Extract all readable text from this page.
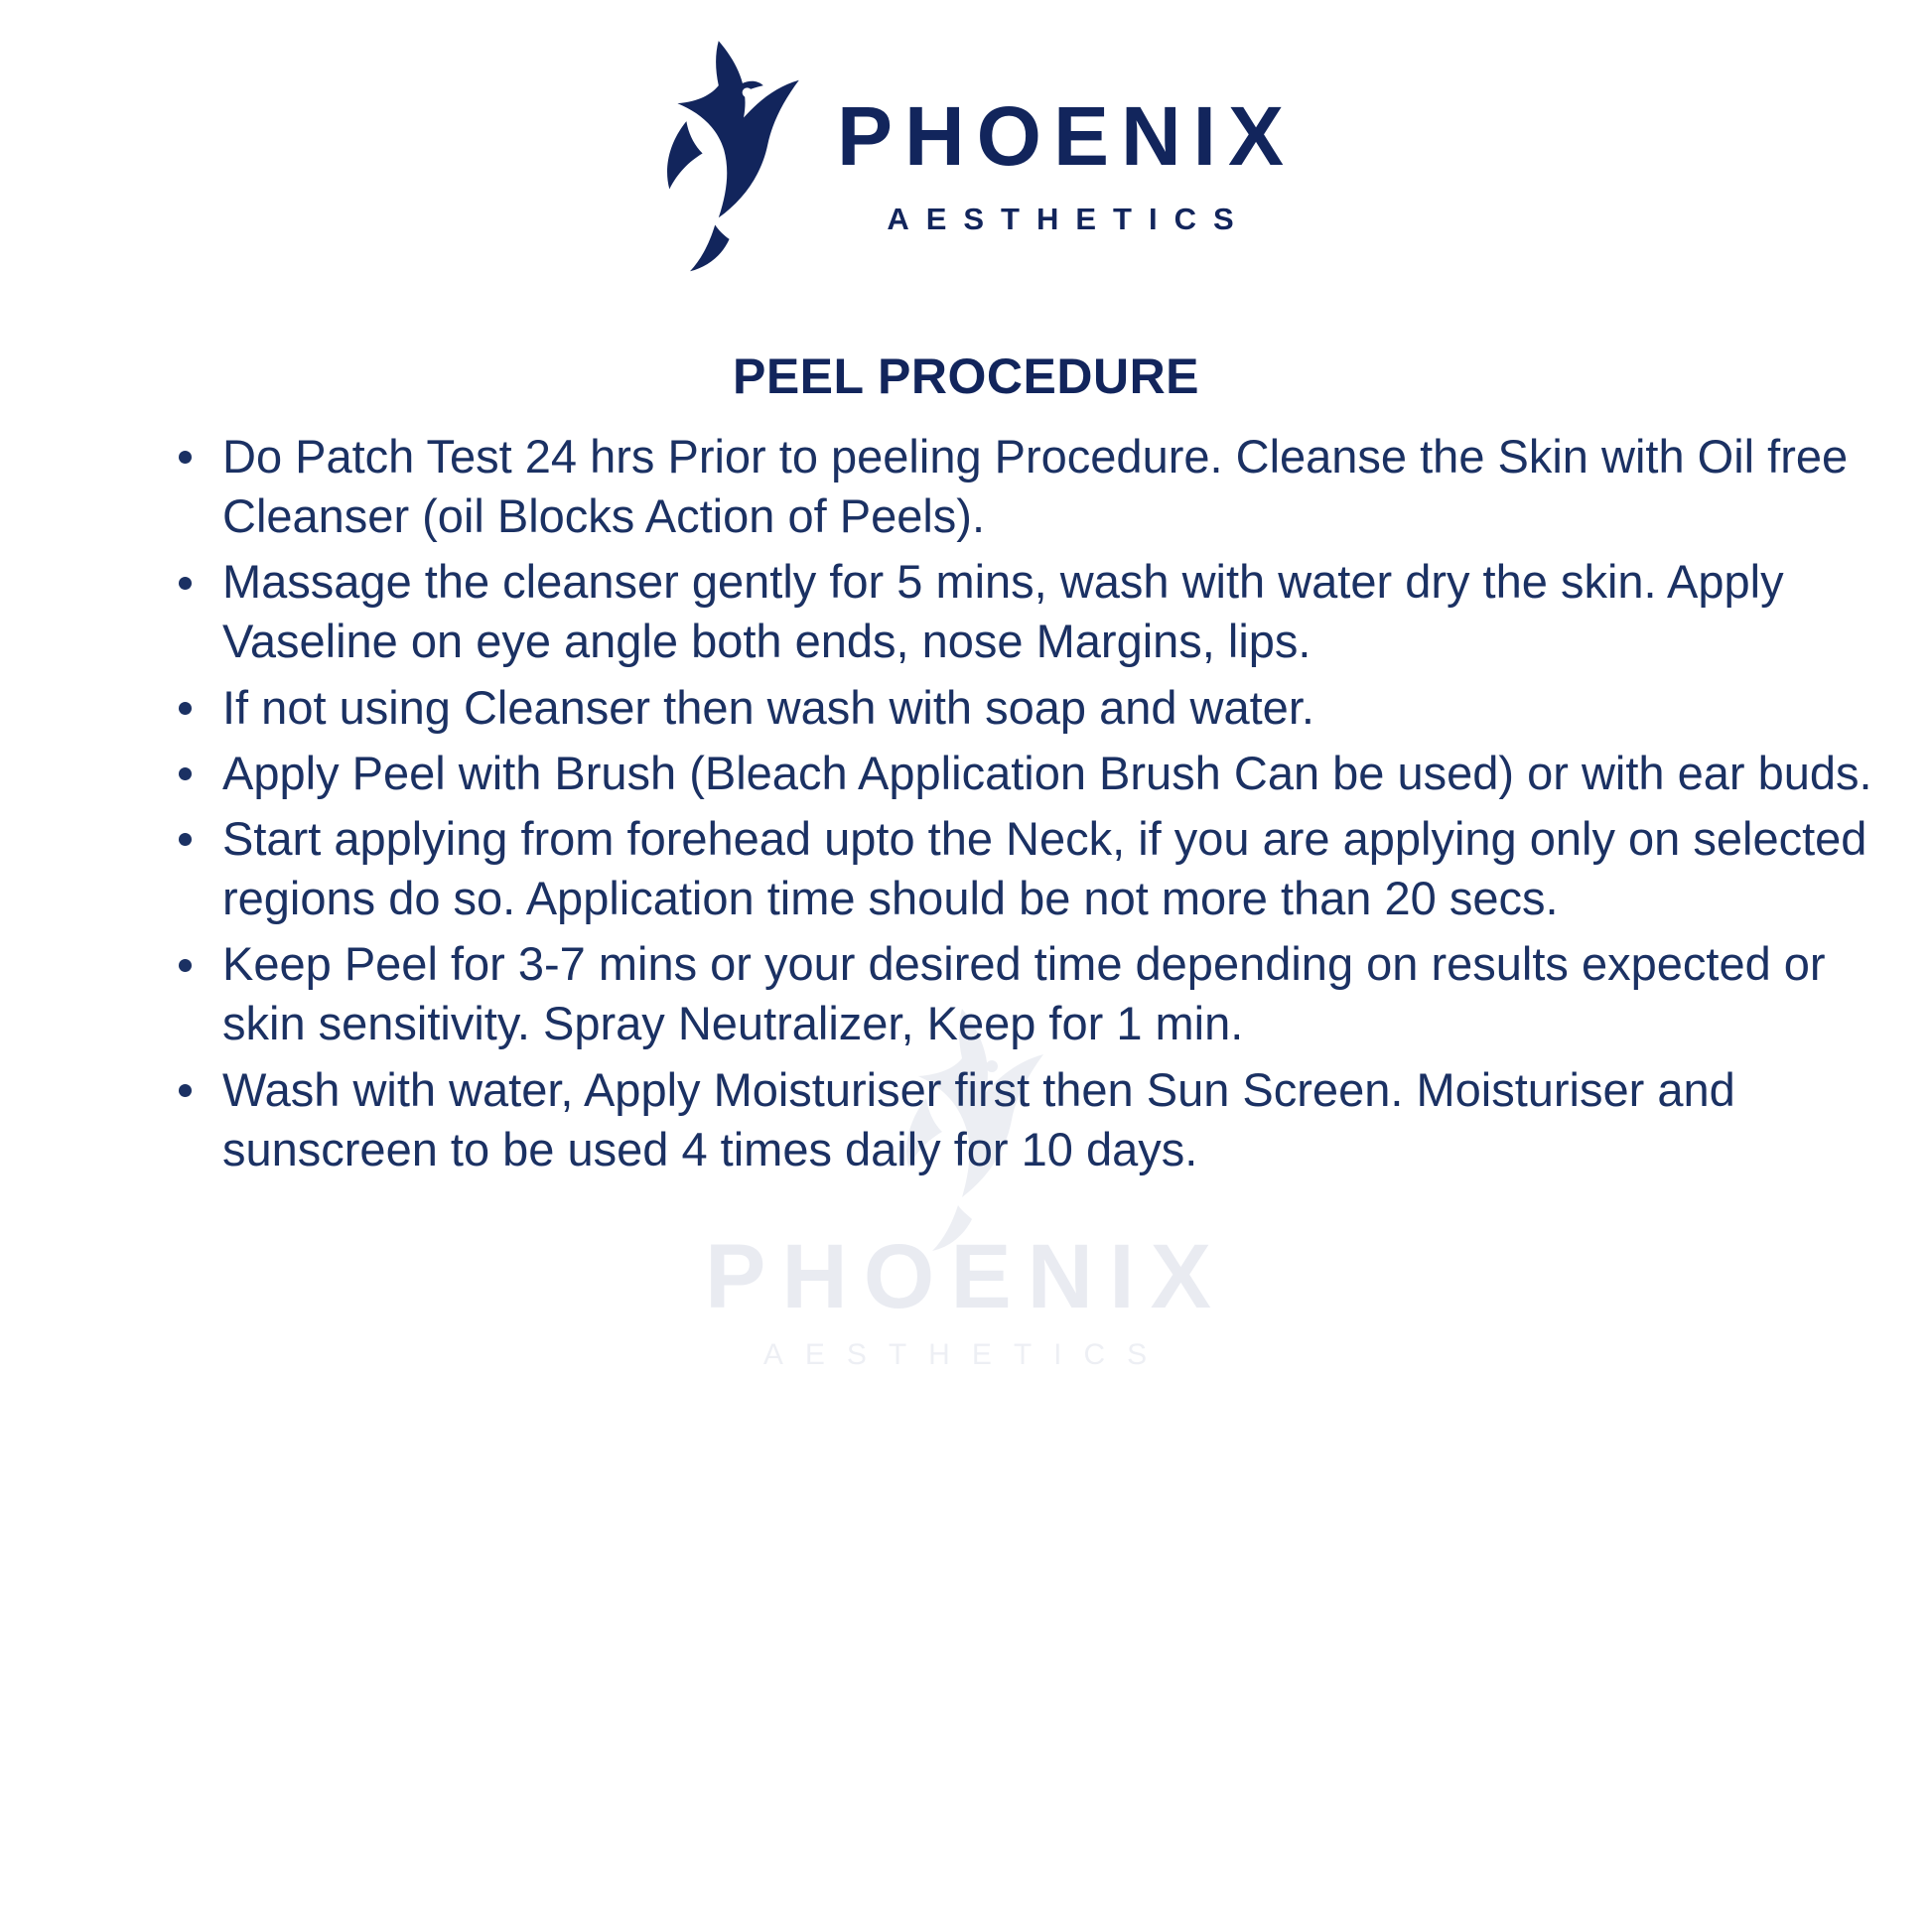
PHOENIX
AESTHETICS
PHOENIX
AESTHETICS
PEEL PROCEDURE
Do Patch Test 24 hrs Prior to peeling Procedure. Cleanse the Skin with Oil free Cleanser (oil Blocks Action of Peels).
Massage the cleanser gently for 5 mins, wash with water dry the skin. Apply Vaseline on eye angle both ends, nose Margins, lips.
If not using Cleanser then wash with soap and water.
Apply Peel with Brush (Bleach Application Brush Can be used) or with ear buds.
Start applying from forehead upto the Neck, if you are applying only on selected regions do so. Application time should be not more than 20 secs.
Keep Peel for 3-7 mins or your desired time depending on results expected or skin sensitivity. Spray Neutralizer, Keep for 1 min.
Wash with water, Apply Moisturiser first then Sun Screen. Moisturiser and sunscreen to be used 4 times daily for 10 days.
